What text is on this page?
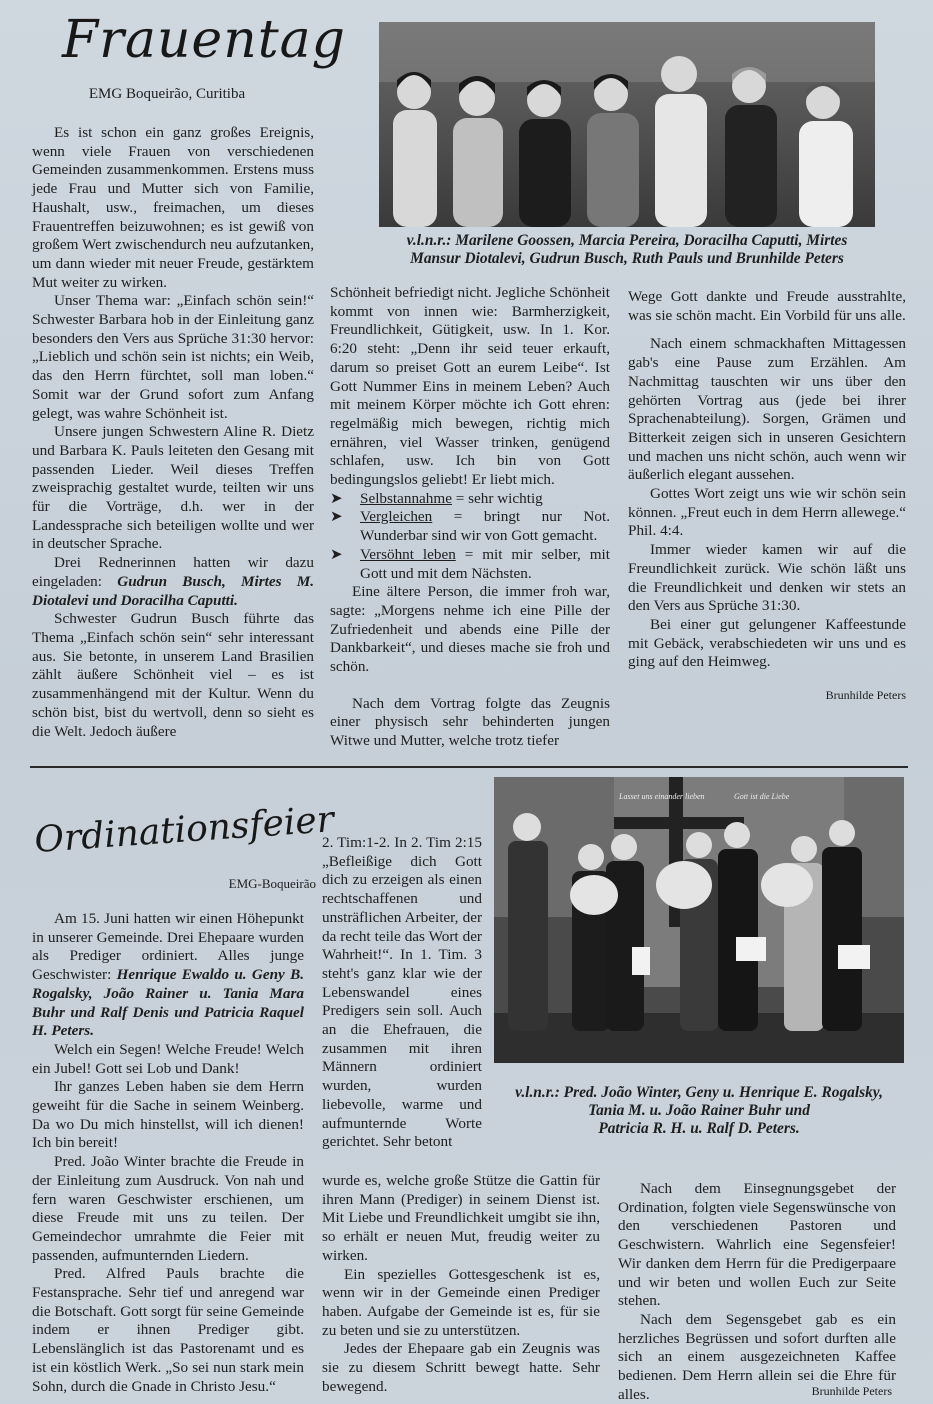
Frauentag
EMG Boqueirão, Curitiba
v.l.n.r.: Marilene Goossen, Marcia Pereira, Doracilha Caputti, Mirtes
Mansur Diotalevi, Gudrun Busch, Ruth Pauls und Brunhilde Peters

Es ist schon ein ganz großes Ereignis, wenn viele Frauen von verschiedenen Gemeinden zusammenkommen. Erstens muss jede Frau und Mutter sich von Familie, Haushalt, usw., freimachen, um dieses Frauentreffen beizuwohnen; es ist gewiß von großem Wert zwischendurch neu aufzutanken, um dann wieder mit neuer Freude, gestärktem Mut weiter zu wirken.

Unser Thema war: „Einfach schön sein!“ Schwester Barbara hob in der Einleitung ganz besonders den Vers aus Sprüche 31:30 hervor: „Lieblich und schön sein ist nichts; ein Weib, das den Herrn fürchtet, soll man loben.“ Somit war der Grund sofort zum Anfang gelegt, was wahre Schönheit ist.

Unsere jungen Schwestern Aline R. Dietz und Barbara K. Pauls leiteten den Gesang mit passenden Lieder. Weil dieses Treffen zweisprachig gestaltet wurde, teilten wir uns für die Vorträge, d.h. wer in der Landessprache sich beteiligen wollte und wer in deutscher Sprache.

Drei Rednerinnen hatten wir dazu eingeladen: Gudrun Busch, Mirtes M. Diotalevi und Doracilha Caputti.

Schwester Gudrun Busch führte das Thema „Einfach schön sein“ sehr interessant aus. Sie betonte, in unserem Land Brasilien zählt äußere Schönheit viel – es ist zusammenhängend mit der Kultur. Wenn du schön bist, bist du wertvoll, denn so sieht es die Welt. Jedoch äußere

Schönheit befriedigt nicht. Jegliche Schönheit kommt von innen wie: Barmherzigkeit, Freundlichkeit, Gütigkeit, usw. In 1. Kor. 6:20 steht: „Denn ihr seid teuer erkauft, darum so preiset Gott an eurem Leibe“. Ist Gott Nummer Eins in meinem Leben? Auch mit meinem Körper möchte ich Gott ehren: regelmäßig mich bewegen, richtig mich ernähren, viel Wasser trinken, genügend schlafen, usw. Ich bin von Gott bedingungslos geliebt! Er liebt mich.

➤ Selbstannahme = sehr wichtig
➤ Vergleichen = bringt nur Not. Wunderbar sind wir von Gott gemacht.
➤ Versöhnt leben = mit mir selber, mit Gott und mit dem Nächsten.

Eine ältere Person, die immer froh war, sagte: „Morgens nehme ich eine Pille der Zufriedenheit und abends eine Pille der Dankbarkeit“, und dieses mache sie froh und schön.

Nach dem Vortrag folgte das Zeugnis einer physisch sehr behinderten jungen Witwe und Mutter, welche trotz tiefer

Wege Gott dankte und Freude ausstrahlte, was sie schön macht. Ein Vorbild für uns alle.

Nach einem schmackhaften Mittagessen gab's eine Pause zum Erzählen. Am Nachmittag tauschten wir uns über den gehörten Vortrag aus (jede bei ihrer Sprachenabteilung). Sorgen, Grämen und Bitterkeit zeigen sich in unseren Gesichtern und machen uns nicht schön, auch wenn wir äußerlich elegant aussehen.

Gottes Wort zeigt uns wie wir schön sein können. „Freut euch in dem Herrn allewege.“ Phil. 4:4.

Immer wieder kamen wir auf die Freundlichkeit zurück. Wie schön läßt uns die Freundlichkeit und denken wir stets an den Vers aus Sprüche 31:30.

Bei einer gut gelungener Kaffeestunde mit Gebäck, verabschiedeten wir uns und es ging auf den Heimweg.

Brunhilde Peters
Ordinationsfeier
EMG-Boqueirão
Lasset uns einander lieben	Gott ist die Liebe
v.l.n.r.: Pred. João Winter, Geny u. Henrique E. Rogalsky,
Tania M. u. João Rainer Buhr und
Patricia R. H. u. Ralf D. Peters.

Am 15. Juni hatten wir einen Höhepunkt in unserer Gemeinde. Drei Ehepaare wurden als Prediger ordiniert. Alles junge Geschwister: Henrique Ewaldo u. Geny B. Rogalsky, João Rainer u. Tania Mara Buhr und Ralf Denis und Patricia Raquel H. Peters.

Welch ein Segen! Welche Freude! Welch ein Jubel! Gott sei Lob und Dank!

Ihr ganzes Leben haben sie dem Herrn geweiht für die Sache in seinem Weinberg. Da wo Du mich hinstellst, will ich dienen! Ich bin bereit!

Pred. João Winter brachte die Freude in der Einleitung zum Ausdruck. Von nah und fern waren Geschwister erschienen, um diese Freude mit uns zu teilen. Der Gemeindechor umrahmte die Feier mit passenden, aufmunternden Liedern.

Pred. Alfred Pauls brachte die Festansprache. Sehr tief und anregend war die Botschaft. Gott sorgt für seine Gemeinde indem er ihnen Prediger gibt. Lebenslänglich ist das Pastorenamt und es ist ein köstlich Werk. „So sei nun stark mein Sohn, durch die Gnade in Christo Jesu.“

2. Tim:1-2. In 2. Tim 2:15 „Befleißige dich Gott dich zu erzeigen als einen rechtschaffenen und unsträflichen Arbeiter, der da recht teile das Wort der Wahrheit!“. In 1. Tim. 3 steht's ganz klar wie der Lebenswandel eines Predigers sein soll. Auch an die Ehefrauen, die zusammen mit ihren Männern ordiniert wurden, wurden liebevolle, warme und aufmunternde Worte gerichtet. Sehr betont

wurde es, welche große Stütze die Gattin für ihren Mann (Prediger) in seinem Dienst ist. Mit Liebe und Freundlichkeit umgibt sie ihn, so erhält er neuen Mut, freudig weiter zu wirken.

Ein spezielles Gottesgeschenk ist es, wenn wir in der Gemeinde einen Prediger haben. Aufgabe der Gemeinde ist es, für sie zu beten und sie zu unterstützen.

Jedes der Ehepaare gab ein Zeugnis was sie zu diesem Schritt bewegt hatte. Sehr bewegend.

Nach dem Einsegnungsgebet der Ordination, folgten viele Segenswünsche von den verschiedenen Pastoren und Geschwistern. Wahrlich eine Segensfeier! Wir danken dem Herrn für die Predigerpaare und wir beten und wollen Euch zur Seite stehen.

Nach dem Segensgebet gab es ein herzliches Begrüssen und sofort durften alle sich an einem ausgezeichneten Kaffee bedienen. Dem Herrn allein sei die Ehre für alles.	Brunhilde Peters
